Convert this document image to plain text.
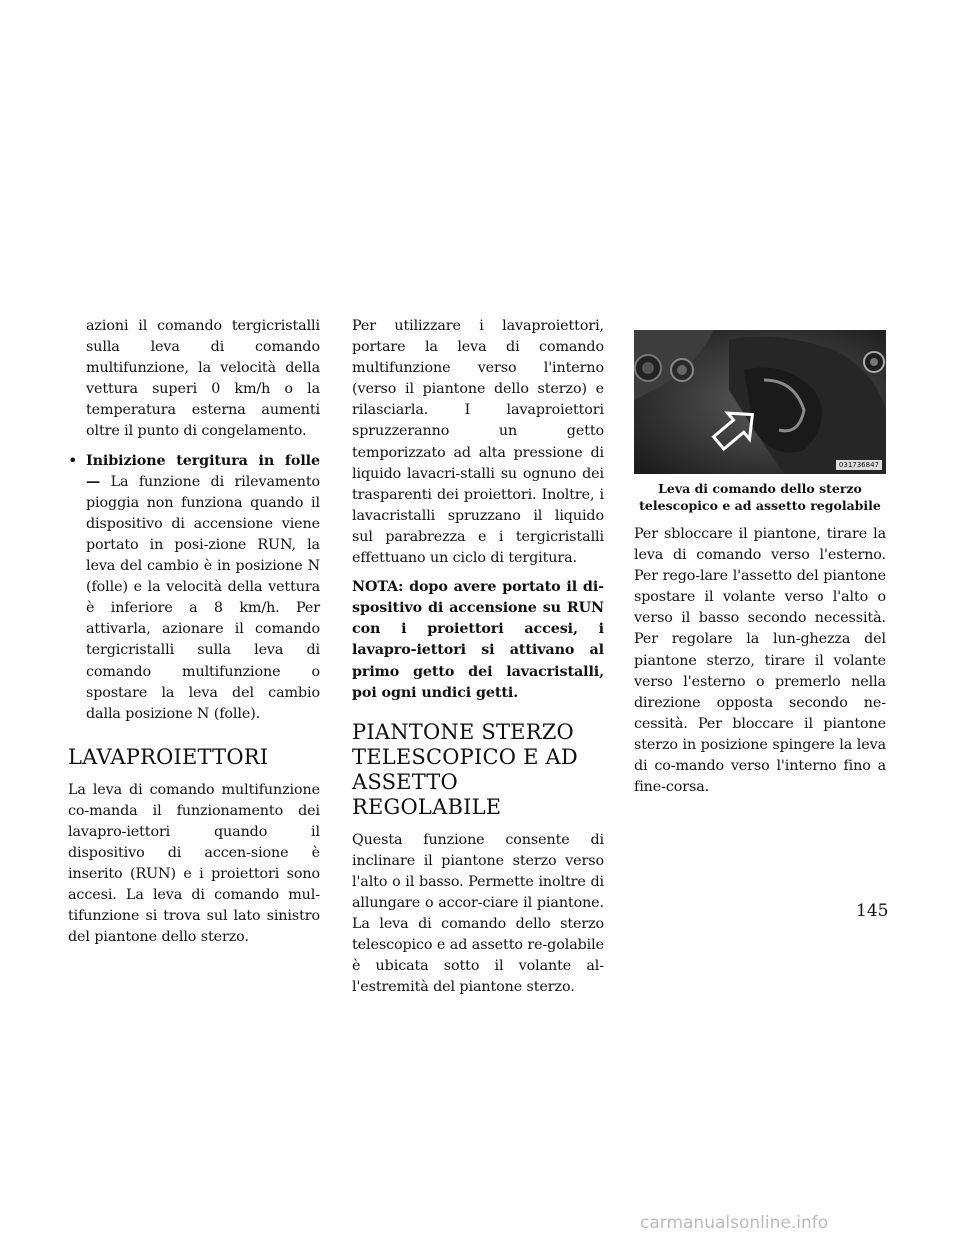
azioni il comando tergicristalli sulla leva di comando multifunzione, la velocità della vettura superi 0 km/h o la temperatura esterna aumenti oltre il punto di congelamento.

• Inibizione tergitura in folle — La funzione di rilevamento pioggia non funziona quando il dispositivo di accensione viene portato in posi-zione RUN, la leva del cambio è in posizione N (folle) e la velocità della vettura è inferiore a 8 km/h. Per attivarla, azionare il comando tergicristalli sulla leva di comando multifunzione o spostare la leva del cambio dalla posizione N (folle).

LAVAPROIETTORI

La leva di comando multifunzione co-manda il funzionamento dei lavapro-iettori quando il dispositivo di accen-sione è inserito (RUN) e i proiettori sono accesi. La leva di comando mul-tifunzione si trova sul lato sinistro del piantone dello sterzo.

Per utilizzare i lavaproiettori, portare la leva di comando multifunzione verso l'interno (verso il piantone dello sterzo) e rilasciarla. I lavaproiettori spruzzeranno un getto temporizzato ad alta pressione di liquido lavacri-stalli su ognuno dei trasparenti dei proiettori. Inoltre, i lavacristalli spruzzano il liquido sul parabrezza e i tergicristalli effettuano un ciclo di tergitura.

NOTA: dopo avere portato il di-spositivo di accensione su RUN con i proiettori accesi, i lavapro-iettori si attivano al primo getto dei lavacristalli, poi ogni undici getti.

PIANTONE STERZO
TELESCOPICO E AD
ASSETTO REGOLABILE

Questa funzione consente di inclinare il piantone sterzo verso l'alto o il basso. Permette inoltre di allungare o accor-ciare il piantone. La leva di comando dello sterzo telescopico e ad assetto re-golabile è ubicata sotto il volante al-l'estremità del piantone sterzo.

031736847
Leva di comando dello sterzo
telescopico e ad assetto regolabile

Per sbloccare il piantone, tirare la leva di comando verso l'esterno. Per rego-lare l'assetto del piantone spostare il volante verso l'alto o verso il basso secondo necessità. Per regolare la lun-ghezza del piantone sterzo, tirare il volante verso l'esterno o premerlo nella direzione opposta secondo ne-cessità. Per bloccare il piantone sterzo in posizione spingere la leva di co-mando verso l'interno fino a fine-corsa.

145
carmanualsonline.info
